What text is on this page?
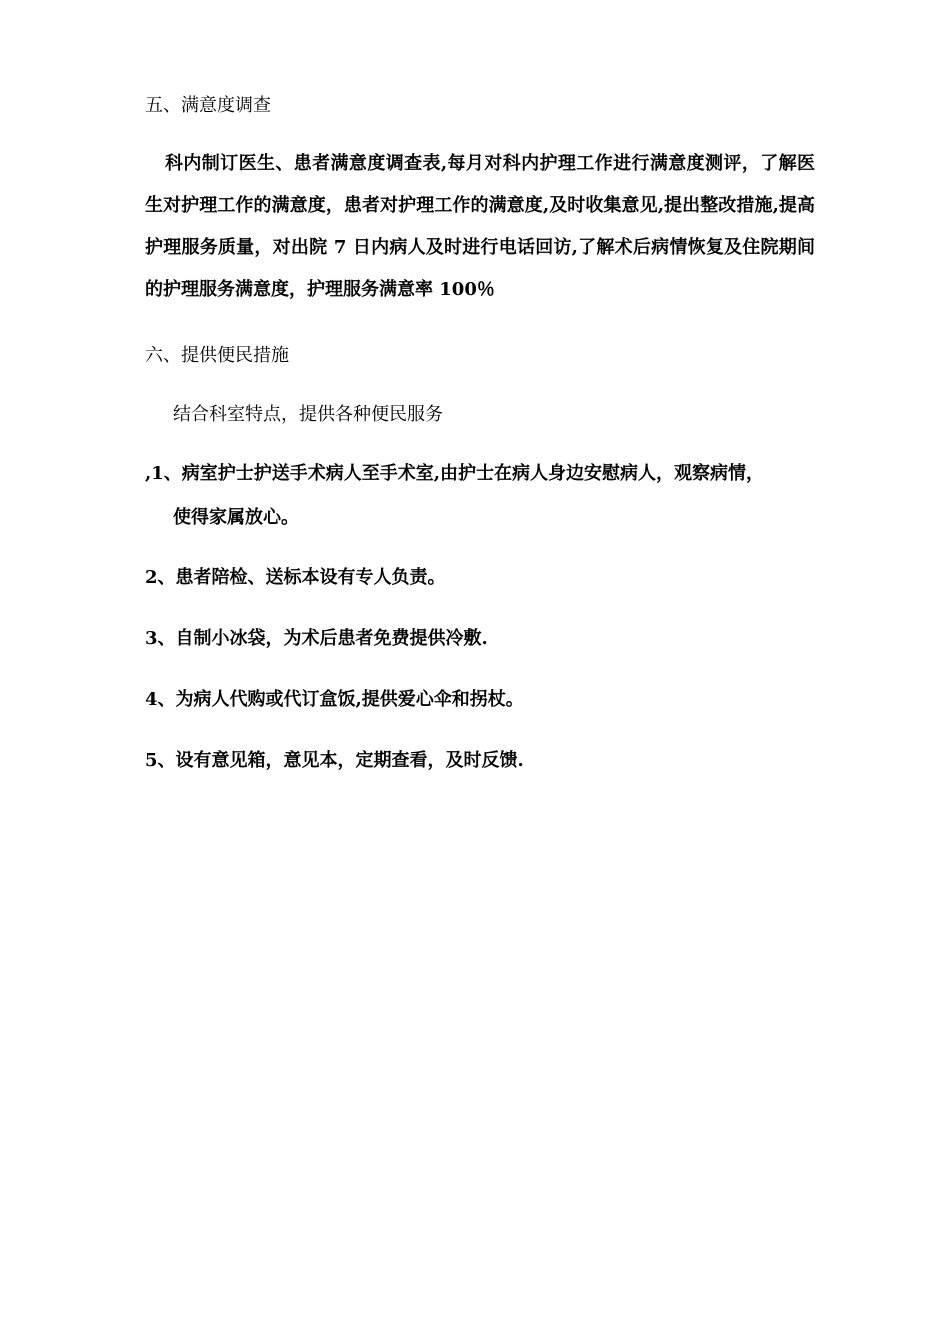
五、满意度调查
科内制订医生、患者满意度调查表,每月对科内护理工作进行满意度测评，了解医生对护理工作的满意度，患者对护理工作的满意度,及时收集意见,提出整改措施,提高护理服务质量，对出院 7 日内病人及时进行电话回访,了解术后病情恢复及住院期间的护理服务满意度，护理服务满意率 100％
六、提供便民措施
结合科室特点，提供各种便民服务
,1、病室护士护送手术病人至手术室,由护士在病人身边安慰病人，观察病情，
使得家属放心。
2、患者陪检、送标本设有专人负责。
3、自制小冰袋，为术后患者免费提供冷敷.
4、为病人代购或代订盒饭,提供爱心伞和拐杖。
5、设有意见箱，意见本，定期查看，及时反馈.
